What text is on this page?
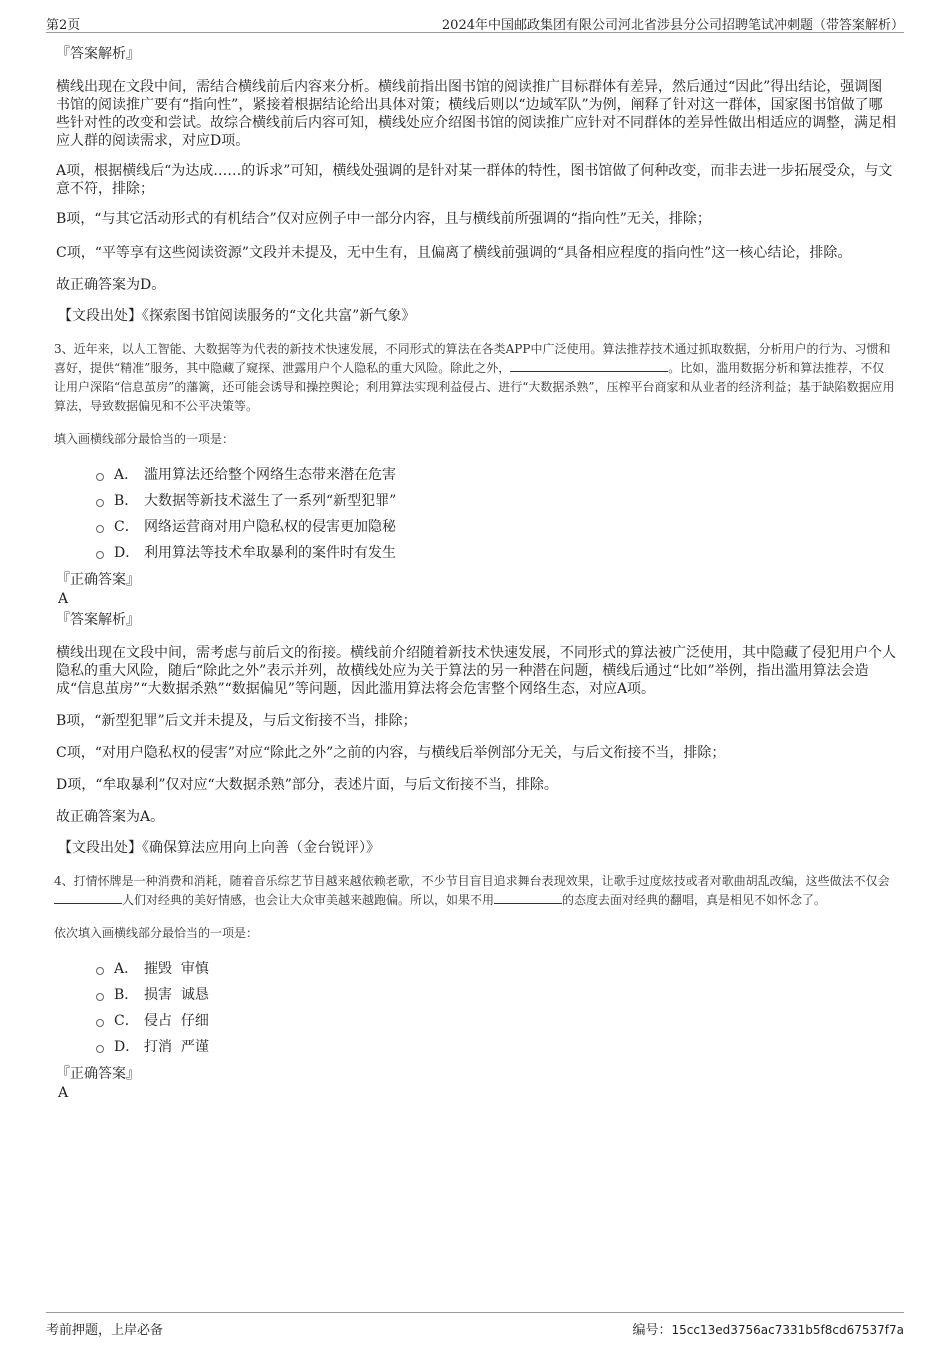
第2页	2024年中国邮政集团有限公司河北省涉县分公司招聘笔试冲刺题（带答案解析）

『答案解析』

横线出现在文段中间，需结合横线前后内容来分析。横线前指出图书馆的阅读推广目标群体有差异，然后通过“因此”得出结论，强调图书馆的阅读推广要有“指向性”，紧接着根据结论给出具体对策；横线后则以“边域军队”为例，阐释了针对这一群体，国家图书馆做了哪些针对性的改变和尝试。故综合横线前后内容可知，横线处应介绍图书馆的阅读推广应针对不同群体的差异性做出相适应的调整，满足相应人群的阅读需求，对应D项。

A项，根据横线后“为达成……的诉求”可知，横线处强调的是针对某一群体的特性，图书馆做了何种改变，而非去进一步拓展受众，与文意不符，排除；

B项，“与其它活动形式的有机结合”仅对应例子中一部分内容，且与横线前所强调的“指向性”无关，排除；

C项，“平等享有这些阅读资源”文段并未提及，无中生有，且偏离了横线前强调的“具备相应程度的指向性”这一核心结论，排除。

故正确答案为D。

【文段出处】《探索图书馆阅读服务的“文化共富”新气象》

3、近年来，以人工智能、大数据等为代表的新技术快速发展，不同形式的算法在各类APP中广泛使用。算法推荐技术通过抓取数据，分析用户的行为、习惯和喜好，提供“精准”服务，其中隐藏了窥探、泄露用户个人隐私的重大风险。除此之外，	。比如，滥用数据分析和算法推荐，不仅让用户深陷“信息茧房”的藩篱，还可能会诱导和操控舆论；利用算法实现利益侵占、进行“大数据杀熟”，压榨平台商家和从业者的经济利益；基于缺陷数据应用算法，导致数据偏见和不公平决策等。

填入画横线部分最恰当的一项是：

A． 滥用算法还给整个网络生态带来潜在危害
B． 大数据等新技术滋生了一系列“新型犯罪”
C． 网络运营商对用户隐私权的侵害更加隐秘
D． 利用算法等技术牟取暴利的案件时有发生

『正确答案』

A

『答案解析』

横线出现在文段中间，需考虑与前后文的衔接。横线前介绍随着新技术快速发展，不同形式的算法被广泛使用，其中隐藏了侵犯用户个人隐私的重大风险，随后“除此之外”表示并列，故横线处应为关于算法的另一种潜在问题，横线后通过“比如”举例，指出滥用算法会造成“信息茧房”“大数据杀熟”“数据偏见”等问题，因此滥用算法将会危害整个网络生态，对应A项。

B项，“新型犯罪”后文并未提及，与后文衔接不当，排除；

C项，“对用户隐私权的侵害”对应“除此之外”之前的内容，与横线后举例部分无关，与后文衔接不当，排除；

D项，“牟取暴利”仅对应“大数据杀熟”部分，表述片面，与后文衔接不当，排除。

故正确答案为A。

【文段出处】《确保算法应用向上向善（金台锐评）》

4、打情怀牌是一种消费和消耗，随着音乐综艺节目越来越依赖老歌，不少节目盲目追求舞台表现效果，让歌手过度炫技或者对歌曲胡乱改编，这些做法不仅会人们对经典的美好情感，也会让大众审美越来越跑偏。所以，如果不用	的态度去面对经典的翻唱，真是相见不如怀念了。

依次填入画横线部分最恰当的一项是：

A． 摧毁  审慎
B． 损害  诚恳
C． 侵占  仔细
D． 打消  严谨

『正确答案』

A

考前押题，上岸必备	编号：15cc13ed3756ac7331b5f8cd67537f7a
